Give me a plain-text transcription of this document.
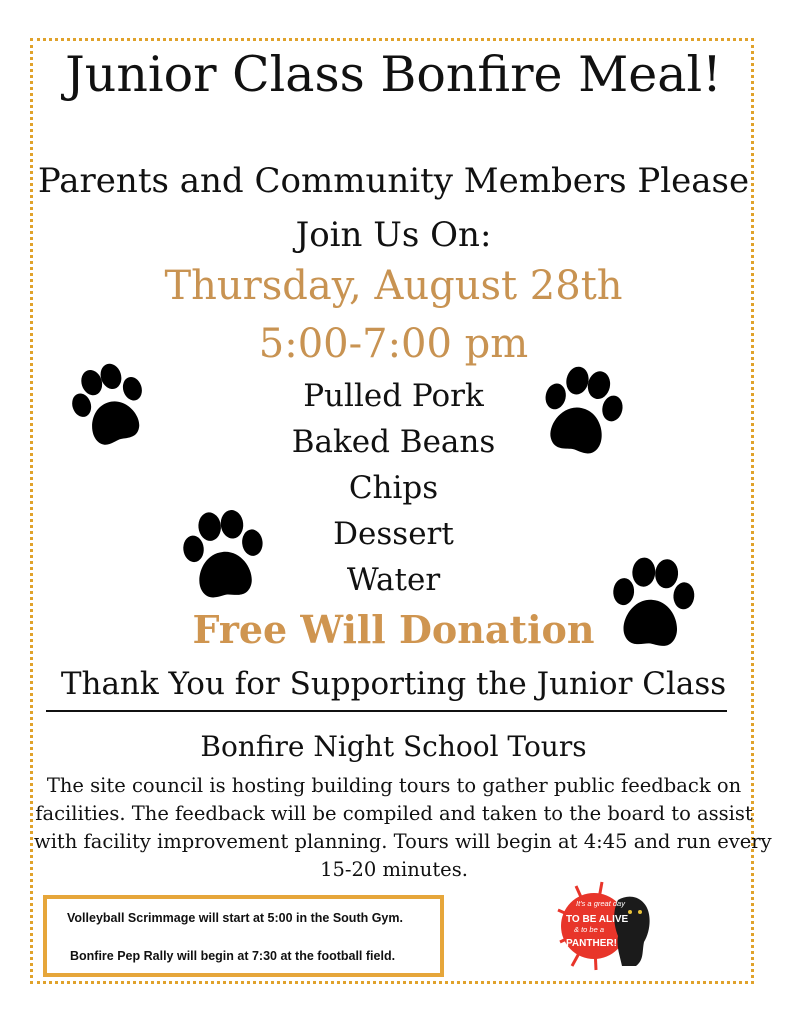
Junior Class Bonfire Meal!
Parents and Community Members Please
Join Us On:
Thursday, August 28th
5:00-7:00 pm
Pulled Pork
Baked Beans
Chips
Dessert
Water
Free Will Donation
Thank You for Supporting the Junior Class
Bonfire Night School Tours
The site council is hosting building tours to gather public feedback on
facilities. The feedback will be compiled and taken to the board to assist
with facility improvement planning. Tours will begin at 4:45 and run every
15-20 minutes.
Volleyball Scrimmage will start at 5:00 in the South Gym.
Bonfire Pep Rally will begin at 7:30 at the football field.
It's a great day
TO BE ALIVE
& to be a
PANTHER!
